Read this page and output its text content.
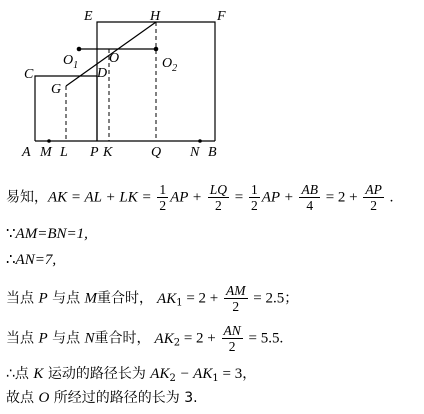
E	H	F
$O_1$ O	$O_2$
C
G
D
A M L P K	Q N B
易知，AK = AL + LK = $\frac{1}{2}$ AP + $\frac{LQ}{2} = \frac{1}{2}$ AP + $\frac{AB}{4} = 2 + \frac{AP}{2}$ .
∵AM=BN=1,
∴AN=7,
当点 P 与点 M重合时， $AK_1 = 2 + \frac{AM}{2} = 2.5$；
当点 P 与点 N重合时， $AK_2 = 2 + \frac{AN}{2} = 5.5$.
∴点 K 运动的路径长为 $AK_2 - AK_1 = 3$，
故点 O 所经过的路径的长为 3.
